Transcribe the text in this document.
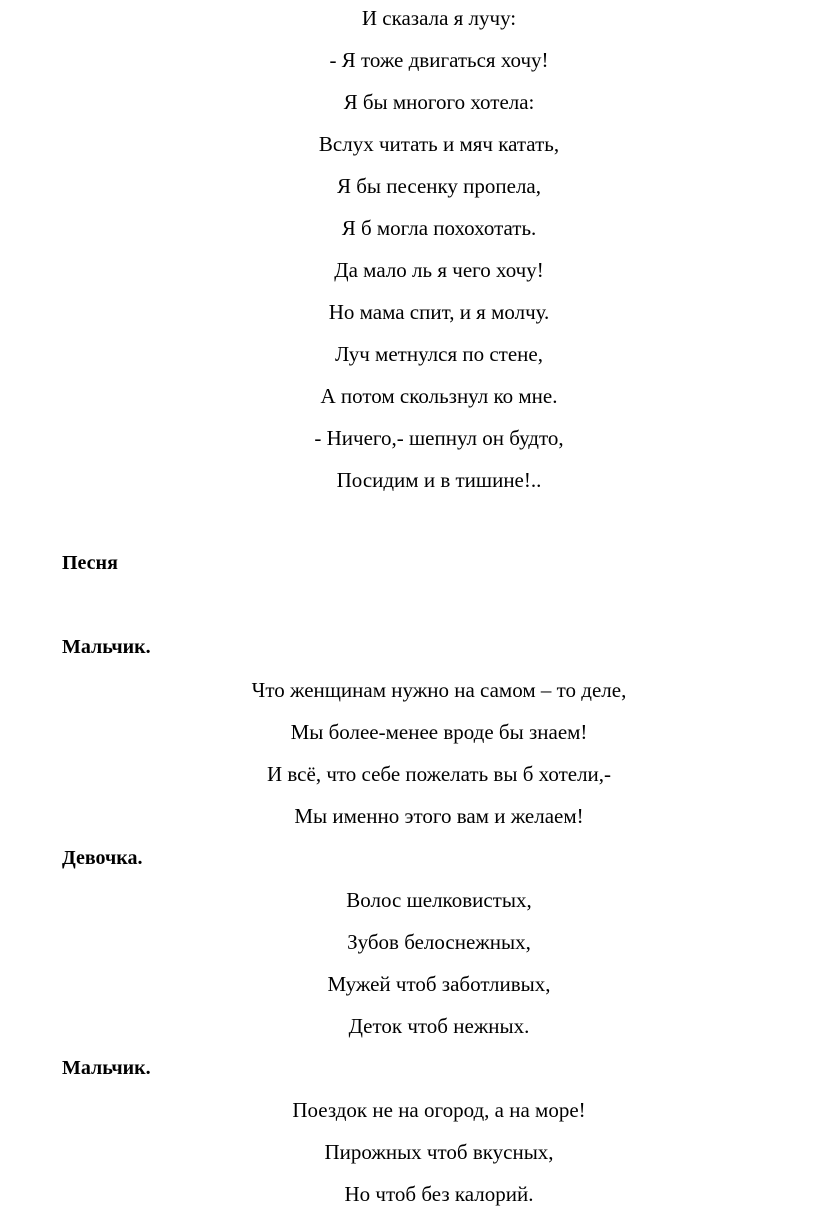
И сказала я лучу:
- Я тоже двигаться хочу!
Я бы многого хотела:
Вслух читать и мяч катать,
Я бы песенку пропела,
Я б могла похохотать.
Да мало ль я чего хочу!
Но мама спит, и я молчу.
Луч метнулся по стене,
А потом скользнул ко мне.
- Ничего,- шепнул он будто,
Посидим и в тишине!..
Песня
Мальчик.
Что женщинам нужно на самом – то деле,
Мы более-менее вроде бы знаем!
И всё, что себе пожелать вы б хотели,-
Мы именно этого вам и желаем!
Девочка.
Волос шелковистых,
Зубов белоснежных,
Мужей чтоб заботливых,
Деток чтоб нежных.
Мальчик.
Поездок не на огород, а на море!
Пирожных чтоб вкусных,
Но чтоб без калорий.
